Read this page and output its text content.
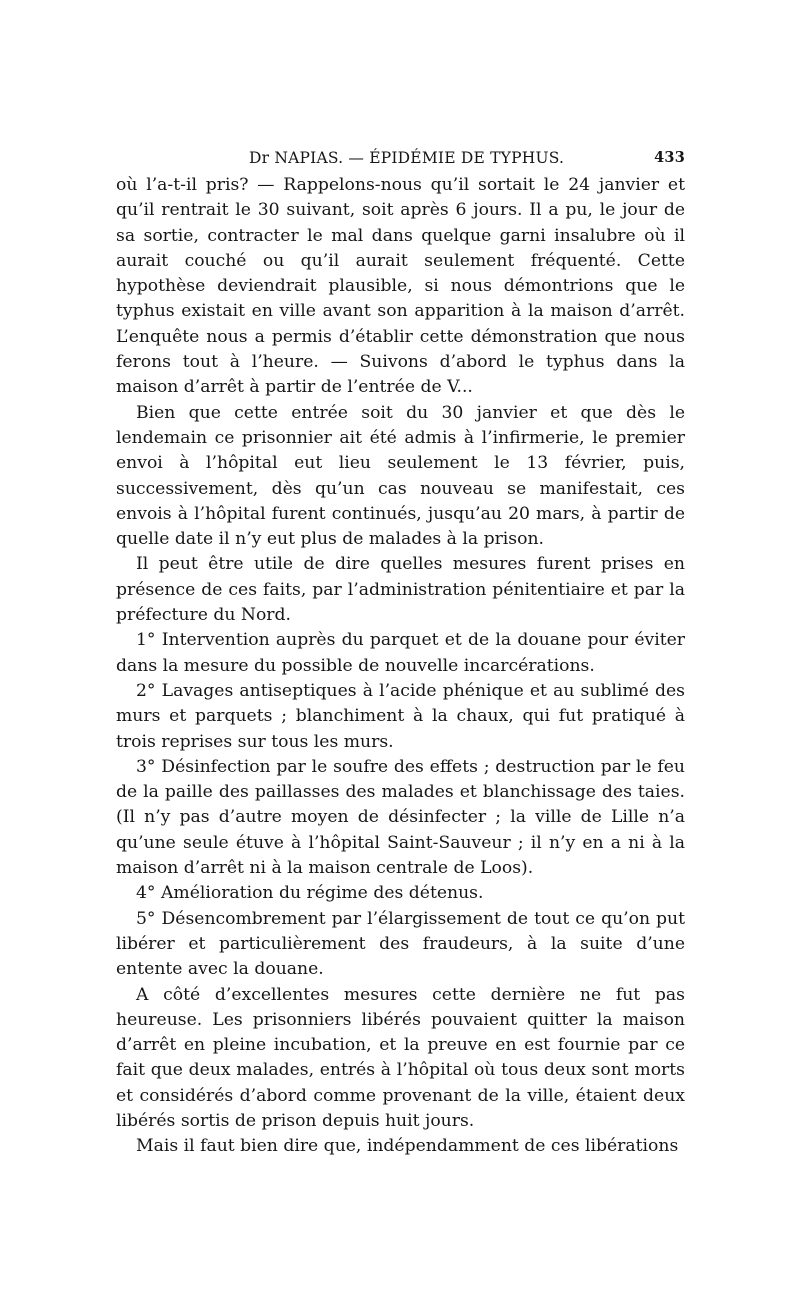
Dr NAPIAS. — ÉPIDÉMIE DE TYPHUS.	433

où l’a-t-il pris? — Rappelons-nous qu’il sortait le 24 janvier et qu’il rentrait le 30 suivant, soit après 6 jours. Il a pu, le jour de sa sortie, contracter le mal dans quelque garni insalubre où il aurait couché ou qu’il aurait seulement fréquenté. Cette hypothèse deviendrait plausible, si nous démontrions que le typhus existait en ville avant son apparition à la maison d’arrêt. L’enquête nous a permis d’établir cette démonstration que nous ferons tout à l’heure. — Suivons d’abord le typhus dans la maison d’arrêt à partir de l’entrée de V...

Bien que cette entrée soit du 30 janvier et que dès le lendemain ce prisonnier ait été admis à l’infirmerie, le premier envoi à l’hôpital eut lieu seulement le 13 février, puis, successivement, dès qu’un cas nouveau se manifestait, ces envois à l’hôpital furent continués, jusqu’au 20 mars, à partir de quelle date il n’y eut plus de malades à la prison.

Il peut être utile de dire quelles mesures furent prises en présence de ces faits, par l’administration pénitentiaire et par la préfecture du Nord.

1° Intervention auprès du parquet et de la douane pour éviter dans la mesure du possible de nouvelle incarcérations.

2° Lavages antiseptiques à l’acide phénique et au sublimé des murs et parquets ; blanchiment à la chaux, qui fut pratiqué à trois reprises sur tous les murs.

3° Désinfection par le soufre des effets ; destruction par le feu de la paille des paillasses des malades et blanchissage des taies. (Il n’y pas d’autre moyen de désinfecter ; la ville de Lille n’a qu’une seule étuve à l’hôpital Saint-Sauveur ; il n’y en a ni à la maison d’arrêt ni à la maison centrale de Loos).

4° Amélioration du régime des détenus.

5° Désencombrement par l’élargissement de tout ce qu’on put libérer et particulièrement des fraudeurs, à la suite d’une entente avec la douane.

A côté d’excellentes mesures cette dernière ne fut pas heureuse. Les prisonniers libérés pouvaient quitter la maison d’arrêt en pleine incubation, et la preuve en est fournie par ce fait que deux malades, entrés à l’hôpital où tous deux sont morts et considérés d’abord comme provenant de la ville, étaient deux libérés sortis de prison depuis huit jours.

Mais il faut bien dire que, indépendamment de ces libérations
